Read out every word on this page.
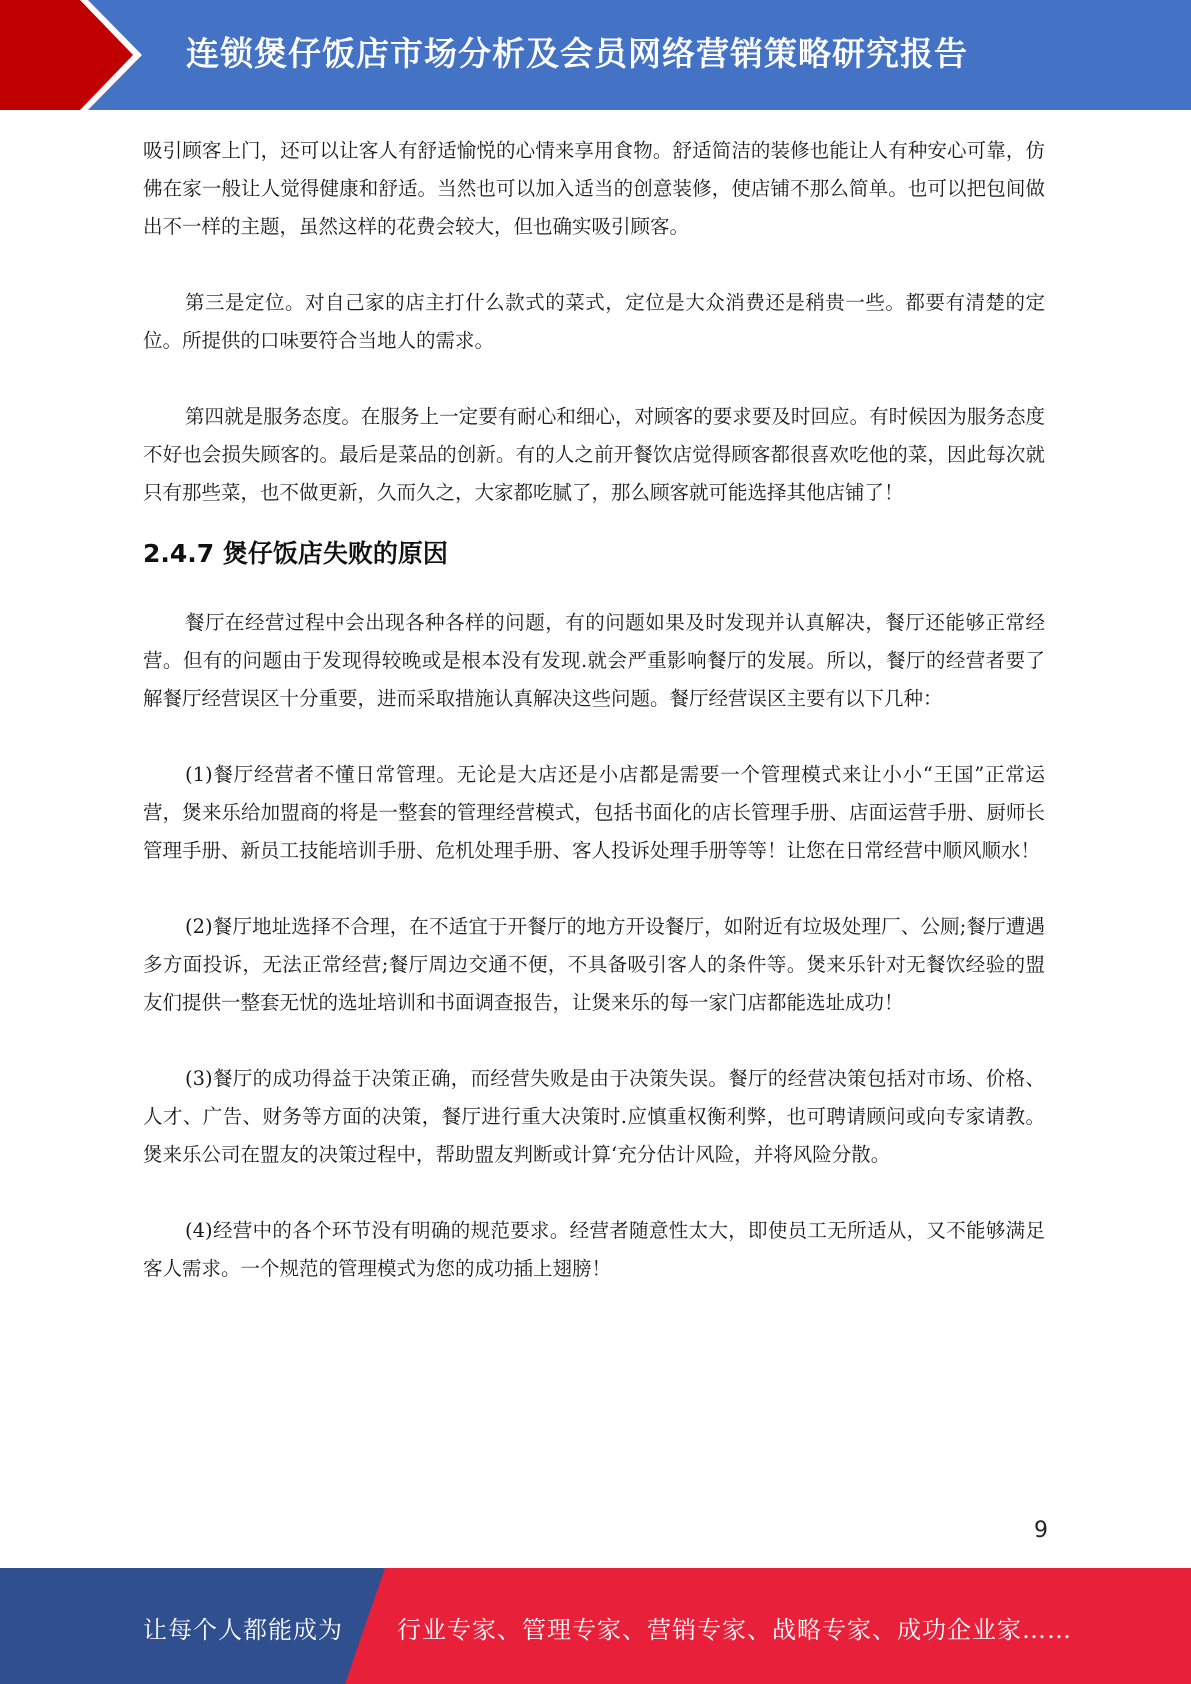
连锁煲仔饭店市场分析及会员网络营销策略研究报告

吸引顾客上门，还可以让客人有舒适愉悦的心情来享用食物。舒适简洁的装修也能让人有种安心可靠，仿佛在家一般让人觉得健康和舒适。当然也可以加入适当的创意装修，使店铺不那么简单。也可以把包间做出不一样的主题，虽然这样的花费会较大，但也确实吸引顾客。

第三是定位。对自己家的店主打什么款式的菜式，定位是大众消费还是稍贵一些。都要有清楚的定位。所提供的口味要符合当地人的需求。

第四就是服务态度。在服务上一定要有耐心和细心，对顾客的要求要及时回应。有时候因为服务态度不好也会损失顾客的。最后是菜品的创新。有的人之前开餐饮店觉得顾客都很喜欢吃他的菜，因此每次就只有那些菜，也不做更新，久而久之，大家都吃腻了，那么顾客就可能选择其他店铺了！

2.4.7 煲仔饭店失败的原因

餐厅在经营过程中会出现各种各样的问题，有的问题如果及时发现并认真解决，餐厅还能够正常经营。但有的问题由于发现得较晚或是根本没有发现.就会严重影响餐厅的发展。所以，餐厅的经营者要了解餐厅经营误区十分重要，进而采取措施认真解决这些问题。餐厅经营误区主要有以下几种：

(1)餐厅经营者不懂日常管理。无论是大店还是小店都是需要一个管理模式来让小小“王国”正常运营，煲来乐给加盟商的将是一整套的管理经营模式，包括书面化的店长管理手册、店面运营手册、厨师长管理手册、新员工技能培训手册、危机处理手册、客人投诉处理手册等等！让您在日常经营中顺风顺水！

(2)餐厅地址选择不合理，在不适宜于开餐厅的地方开设餐厅，如附近有垃圾处理厂、公厕;餐厅遭遇多方面投诉，无法正常经营;餐厅周边交通不便，不具备吸引客人的条件等。煲来乐针对无餐饮经验的盟友们提供一整套无忧的选址培训和书面调查报告，让煲来乐的每一家门店都能选址成功！

(3)餐厅的成功得益于决策正确，而经营失败是由于决策失误。餐厅的经营决策包括对市场、价格、人才、广告、财务等方面的决策，餐厅进行重大决策时.应慎重权衡利弊，也可聘请顾问或向专家请教。煲来乐公司在盟友的决策过程中，帮助盟友判断或计算‘充分估计风险，并将风险分散。

(4)经营中的各个环节没有明确的规范要求。经营者随意性太大，即使员工无所适从，又不能够满足客人需求。一个规范的管理模式为您的成功插上翅膀！

9
让每个人都能成为 行业专家、管理专家、营销专家、战略专家、成功企业家……
